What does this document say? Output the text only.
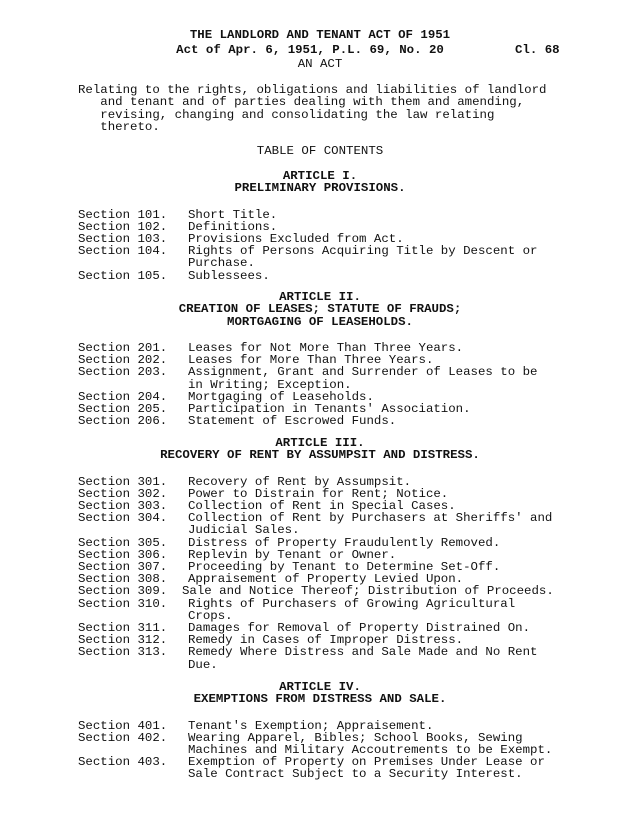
THE LANDLORD AND TENANT ACT OF 1951
Act of Apr. 6, 1951, P.L. 69, No. 20	Cl. 68
AN ACT
Relating to the rights, obligations and liabilities of landlord
and tenant and of parties dealing with them and amending,
revising, changing and consolidating the law relating
thereto.
TABLE OF CONTENTS
ARTICLE I.
PRELIMINARY PROVISIONS.
Section 101. Short Title.
Section 102. Definitions.
Section 103. Provisions Excluded from Act.
Section 104. Rights of Persons Acquiring Title by Descent or
Purchase.
Section 105. Sublessees.
ARTICLE II.
CREATION OF LEASES; STATUTE OF FRAUDS;
MORTGAGING OF LEASEHOLDS.
Section 201. Leases for Not More Than Three Years.
Section 202. Leases for More Than Three Years.
Section 203. Assignment, Grant and Surrender of Leases to be
in Writing; Exception.
Section 204. Mortgaging of Leaseholds.
Section 205. Participation in Tenants' Association.
Section 206. Statement of Escrowed Funds.
ARTICLE III.
RECOVERY OF RENT BY ASSUMPSIT AND DISTRESS.
Section 301. Recovery of Rent by Assumpsit.
Section 302. Power to Distrain for Rent; Notice.
Section 303. Collection of Rent in Special Cases.
Section 304. Collection of Rent by Purchasers at Sheriffs' and
Judicial Sales.
Section 305. Distress of Property Fraudulently Removed.
Section 306. Replevin by Tenant or Owner.
Section 307. Proceeding by Tenant to Determine Set-Off.
Section 308. Appraisement of Property Levied Upon.
Section 309. Sale and Notice Thereof; Distribution of Proceeds.
Section 310. Rights of Purchasers of Growing Agricultural
Crops.
Section 311. Damages for Removal of Property Distrained On.
Section 312. Remedy in Cases of Improper Distress.
Section 313. Remedy Where Distress and Sale Made and No Rent
Due.
ARTICLE IV.
EXEMPTIONS FROM DISTRESS AND SALE.
Section 401. Tenant's Exemption; Appraisement.
Section 402. Wearing Apparel, Bibles; School Books, Sewing
Machines and Military Accoutrements to be Exempt.
Section 403. Exemption of Property on Premises Under Lease or
Sale Contract Subject to a Security Interest.
